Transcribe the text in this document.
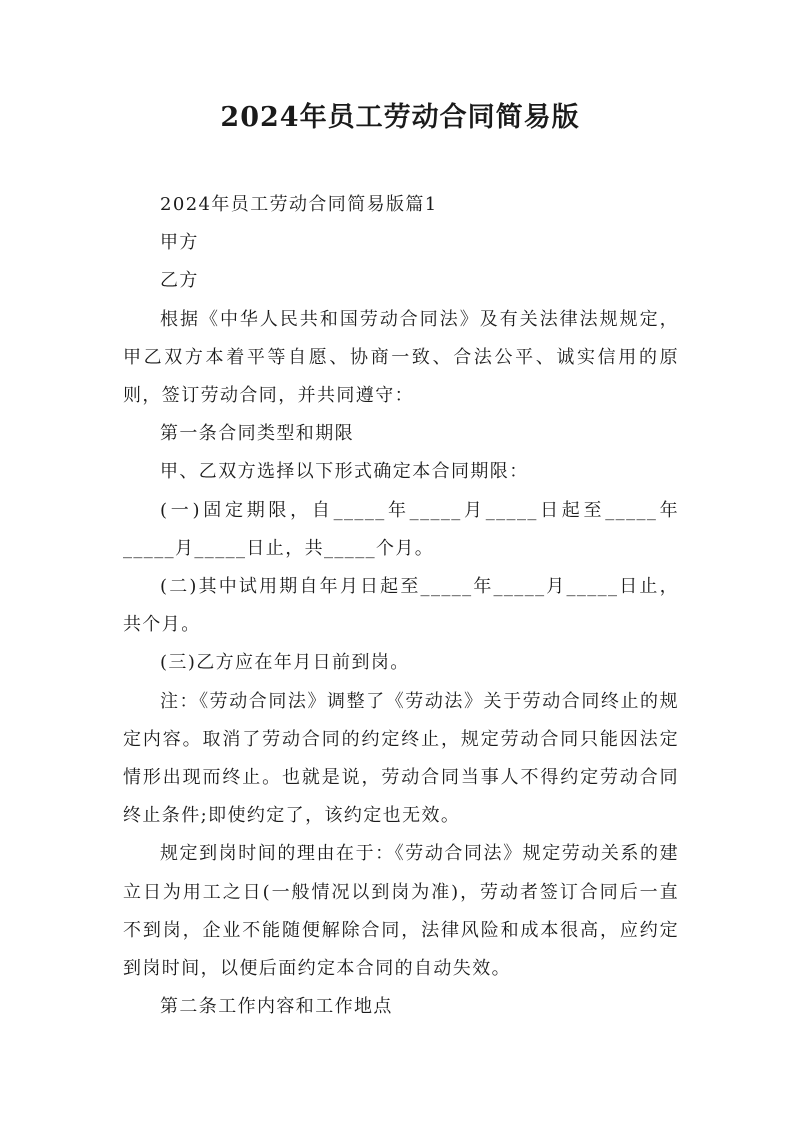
2024年员工劳动合同简易版

2024年员工劳动合同简易版篇1

甲方

乙方

根据《中华人民共和国劳动合同法》及有关法律法规规定，甲乙双方本着平等自愿、协商一致、合法公平、诚实信用的原则，签订劳动合同，并共同遵守：

第一条合同类型和期限

甲、乙双方选择以下形式确定本合同期限：

(一)固定期限，自_____年_____月_____日起至_____年_____月_____日止，共_____个月。

(二)其中试用期自年月日起至_____年_____月_____日止，共个月。

(三)乙方应在年月日前到岗。

注：《劳动合同法》调整了《劳动法》关于劳动合同终止的规定内容。取消了劳动合同的约定终止，规定劳动合同只能因法定情形出现而终止。也就是说，劳动合同当事人不得约定劳动合同终止条件;即使约定了，该约定也无效。

规定到岗时间的理由在于：《劳动合同法》规定劳动关系的建立日为用工之日(一般情况以到岗为准)，劳动者签订合同后一直不到岗，企业不能随便解除合同，法律风险和成本很高，应约定到岗时间，以便后面约定本合同的自动失效。

第二条工作内容和工作地点
